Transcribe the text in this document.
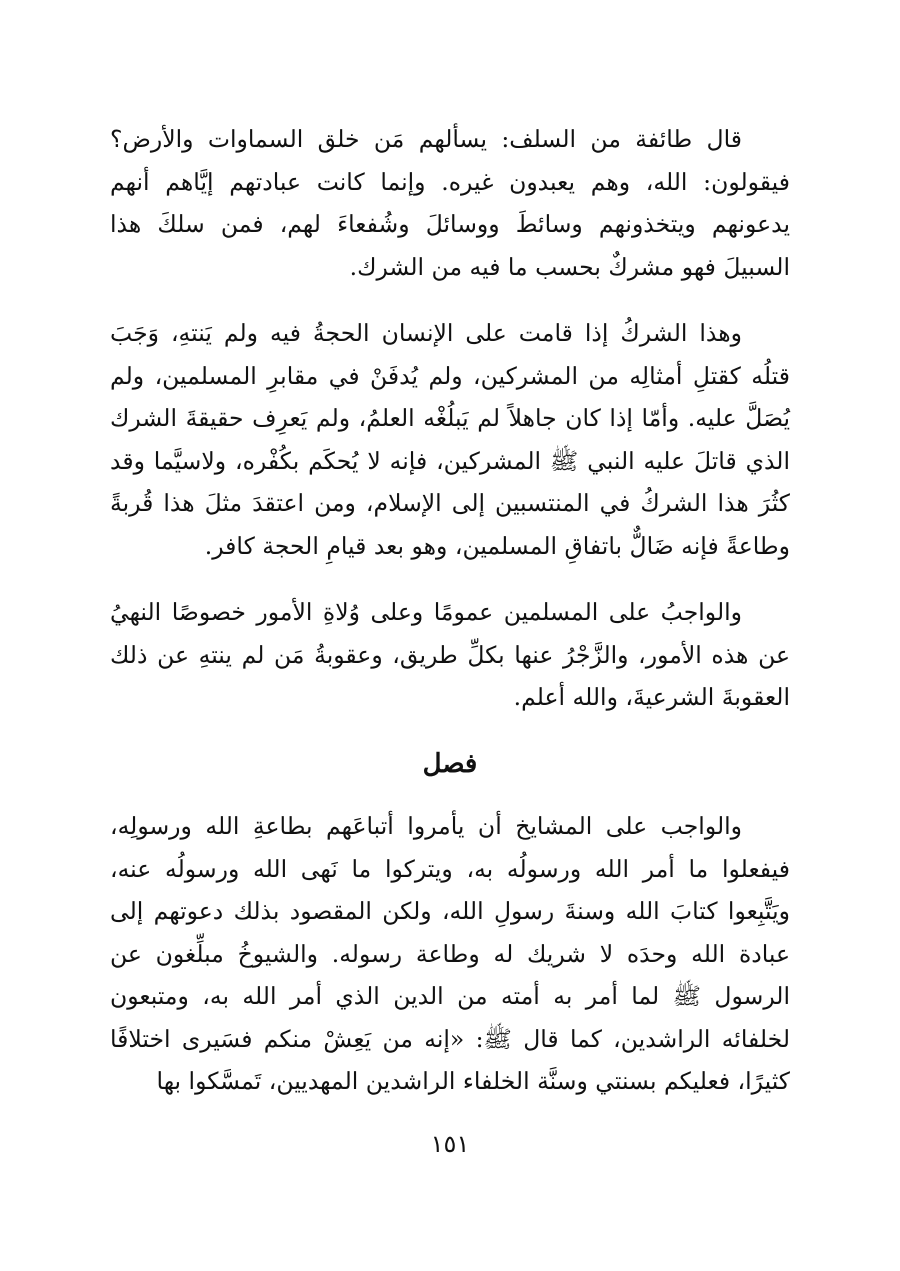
قال طائفة من السلف: يسألهم مَن خلق السماوات والأرض؟ فيقولون: الله، وهم يعبدون غيره. وإنما كانت عبادتهم إيَّاهم أنهم يدعونهم ويتخذونهم وسائطَ ووسائلَ وشُفعاءَ لهم، فمن سلكَ هذا السبيلَ فهو مشركٌ بحسب ما فيه من الشرك.

وهذا الشركُ إذا قامت على الإنسان الحجةُ فيه ولم يَنتهِ، وَجَبَ قتلُه كقتلِ أمثالِه من المشركين، ولم يُدفَنْ في مقابرِ المسلمين، ولم يُصَلَّ عليه. وأمّا إذا كان جاهلاً لم يَبلُغْه العلمُ، ولم يَعرِف حقيقةَ الشرك الذي قاتلَ عليه النبي ﷺ المشركين، فإنه لا يُحكَم بكُفْره، ولاسيَّما وقد كثُرَ هذا الشركُ في المنتسبين إلى الإسلام، ومن اعتقدَ مثلَ هذا قُربةً وطاعةً فإنه ضَالٌّ باتفاقِ المسلمين، وهو بعد قيامِ الحجة كافر.

والواجبُ على المسلمين عمومًا وعلى وُلاةِ الأمور خصوصًا النهيُ عن هذه الأمور، والزَّجْرُ عنها بكلِّ طريق، وعقوبةُ مَن لم ينتهِ عن ذلك العقوبةَ الشرعيةَ، والله أعلم.

فصل

والواجب على المشايخ أن يأمروا أتباعَهم بطاعةِ الله ورسولِه، فيفعلوا ما أمر الله ورسولُه به، ويتركوا ما نَهى الله ورسولُه عنه، ويَتَّبِعوا كتابَ الله وسنةَ رسولِ الله، ولكن المقصود بذلك دعوتهم إلى عبادة الله وحدَه لا شريك له وطاعة رسوله. والشيوخُ مبلِّغون عن الرسول ﷺ لما أمر به أمته من الدين الذي أمر الله به، ومتبعون لخلفائه الراشدين، كما قال ﷺ: «إنه من يَعِشْ منكم فسَيرى اختلافًا كثيرًا، فعليكم بسنتي وسنَّة الخلفاء الراشدين المهديين، تَمسَّكوا بها

١٥١
